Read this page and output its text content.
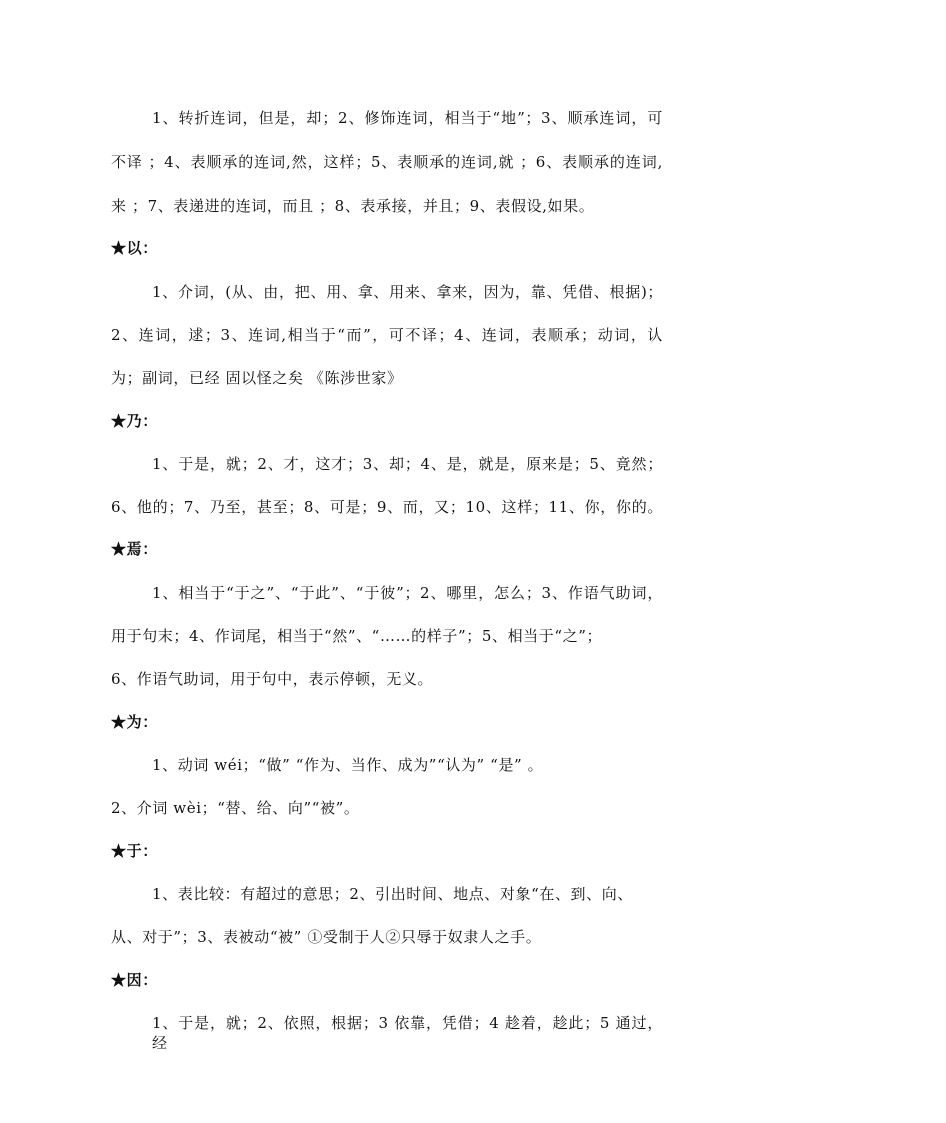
1、转折连词，但是，却；2、修饰连词，相当于“地”；3、顺承连词，可
不译 ；4、表顺承的连词,然，这样；5、表顺承的连词,就 ；6、表顺承的连词,
来 ；7、表递进的连词，而且 ；8、表承接，并且；9、表假设,如果。
★以：
1、介词，(从、由，把、用、拿、用来、拿来，因为，靠、凭借、根据)；
2、连词，逑；3、连词,相当于“而”，可不译；4、连词，表顺承；动词，认
为；副词，已经 固以怪之矣 《陈涉世家》
★乃：
1、于是，就；2、才，这才；3、却；4、是，就是，原来是；5、竟然；
6、他的；7、乃至，甚至；8、可是；9、而，又；10、这样；11、你，你的。
★焉：
1、相当于“于之”、“于此”、“于彼”；2、哪里，怎么；3、作语气助词，
用于句末；4、作词尾，相当于“然”、“……的样子”；5、相当于“之”；
6、作语气助词，用于句中，表示停顿，无义。
★为：
1、动词 wéi；“做” “作为、当作、成为”“认为” “是” 。
2、介词 wèi；“替、给、向”“被”。
★于：
1、表比较：有超过的意思；2、引出时间、地点、对象“在、到、向、
从、对于”；3、表被动“被” ①受制于人②只辱于奴隶人之手。
★因：
1、于是，就；2、依照，根据；3 依靠，凭借；4 趁着，趁此；5 通过，经
